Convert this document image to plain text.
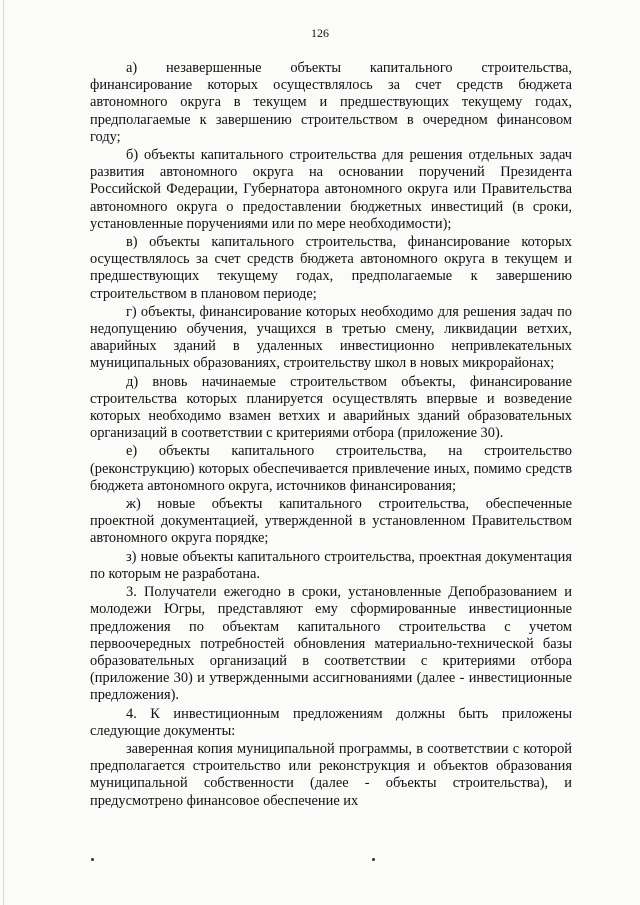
126

а) незавершенные объекты капитального строительства, финансирование которых осуществлялось за счет средств бюджета автономного округа в текущем и предшествующих текущему годах, предполагаемые к завершению строительством в очередном финансовом году;

б) объекты капитального строительства для решения отдельных задач развития автономного округа на основании поручений Президента Российской Федерации, Губернатора автономного округа или Правительства автономного округа о предоставлении бюджетных инвестиций (в сроки, установленные поручениями или по мере необходимости);

в) объекты капитального строительства, финансирование которых осуществлялось за счет средств бюджета автономного округа в текущем и предшествующих текущему годах, предполагаемые к завершению строительством в плановом периоде;

г) объекты, финансирование которых необходимо для решения задач по недопущению обучения, учащихся в третью смену, ликвидации ветхих, аварийных зданий в удаленных инвестиционно непривлекательных муниципальных образованиях, строительству школ в новых микрорайонах;

д) вновь начинаемые строительством объекты, финансирование строительства которых планируется осуществлять впервые и возведение которых необходимо взамен ветхих и аварийных зданий образовательных организаций в соответствии с критериями отбора (приложение 30).

е) объекты капитального строительства, на строительство (реконструкцию) которых обеспечивается привлечение иных, помимо средств бюджета автономного округа, источников финансирования;

ж) новые объекты капитального строительства, обеспеченные проектной документацией, утвержденной в установленном Правительством автономного округа порядке;

з) новые объекты капитального строительства, проектная документация по которым не разработана.

3. Получатели ежегодно в сроки, установленные Депобразованием и молодежи Югры, представляют ему сформированные инвестиционные предложения по объектам капитального строительства с учетом первоочередных потребностей обновления материально-технической базы образовательных организаций в соответствии с критериями отбора (приложение 30) и утвержденными ассигнованиями (далее - инвестиционные предложения).

4. К инвестиционным предложениям должны быть приложены следующие документы:

заверенная копия муниципальной программы, в соответствии с которой предполагается строительство или реконструкция и объектов образования муниципальной собственности (далее - объекты строительства), и предусмотрено финансовое обеспечение их
